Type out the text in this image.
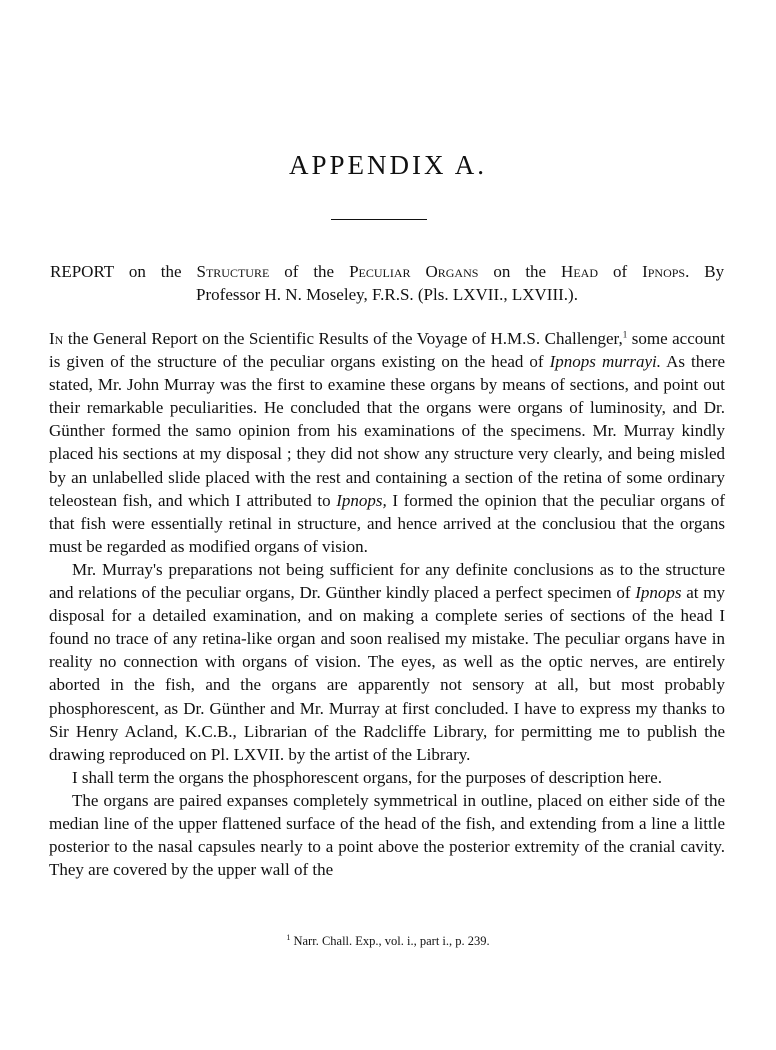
APPENDIX A.
REPORT on the Structure of the Peculiar Organs on the Head of Ipnops. By
Professor H. N. Moseley, F.R.S. (Pls. LXVII., LXVIII.).

In the General Report on the Scientific Results of the Voyage of H.M.S. Challenger,$^1$ some account is given of the structure of the peculiar organs existing on the head of Ipnops murrayi. As there stated, Mr. John Murray was the first to examine these organs by means of sections, and point out their remarkable peculiarities. He concluded that the organs were organs of luminosity, and Dr. Günther formed the samo opinion from his examinations of the specimens. Mr. Murray kindly placed his sections at my disposal ; they did not show any structure very clearly, and being misled by an unlabelled slide placed with the rest and containing a section of the retina of some ordinary teleostean fish, and which I attributed to Ipnops, I formed the opinion that the peculiar organs of that fish were essentially retinal in structure, and hence arrived at the conclusiou that the organs must be regarded as modified organs of vision.

Mr. Murray's preparations not being sufficient for any definite conclusions as to the structure and relations of the peculiar organs, Dr. Günther kindly placed a perfect specimen of Ipnops at my disposal for a detailed examination, and on making a complete series of sections of the head I found no trace of any retina-like organ and soon realised my mistake. The peculiar organs have in reality no connection with organs of vision. The eyes, as well as the optic nerves, are entirely aborted in the fish, and the organs are apparently not sensory at all, but most probably phosphorescent, as Dr. Günther and Mr. Murray at first concluded. I have to express my thanks to Sir Henry Acland, K.C.B., Librarian of the Radcliffe Library, for permitting me to publish the drawing reproduced on Pl. LXVII. by the artist of the Library.

I shall term the organs the phosphorescent organs, for the purposes of description here.

The organs are paired expanses completely symmetrical in outline, placed on either side of the median line of the upper flattened surface of the head of the fish, and extending from a line a little posterior to the nasal capsules nearly to a point above the posterior extremity of the cranial cavity. They are covered by the upper wall of the

$^1$ Narr. Chall. Exp., vol. i., part i., p. 239.
